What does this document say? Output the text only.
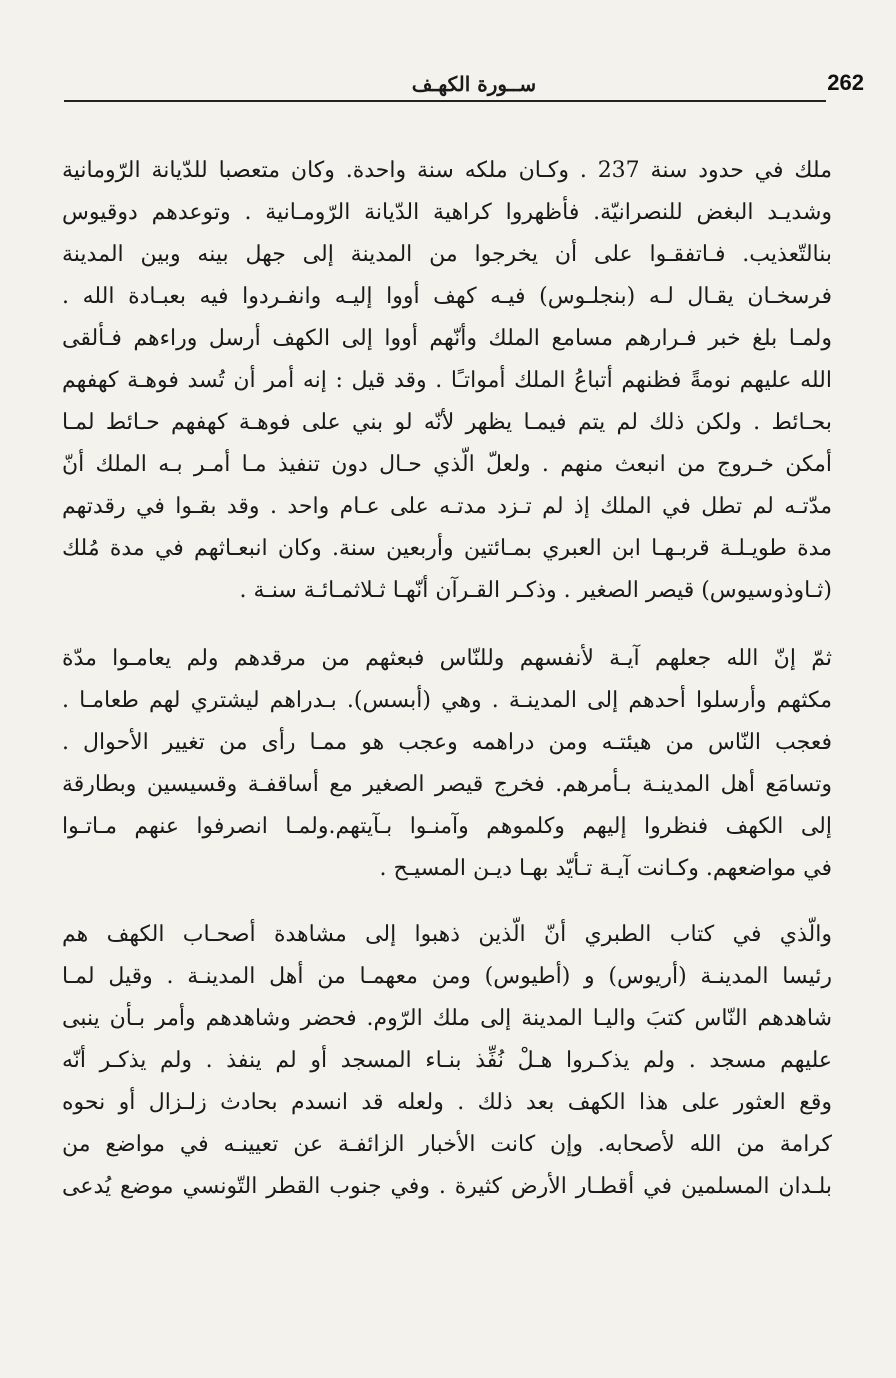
262
ســورة الكهـف
ملك في حدود سنة 237 . وكـان ملكه سنة واحدة. وكان متعصبا للدّيانة الرّومانية
وشديـد البغض للنصرانيّة. فأظهروا كراهية الدّيانة الرّومـانية . وتوعدهم دوقيوس
بنالتّعذيب. فـاتفقـوا على أن يخرجوا من المدينة إلى جهل بينه وبين المدينة
فرسخـان يقـال لـه (بنجلـوس) فيـه كهف أووا إليـه وانفـردوا فيه بعبـادة الله .
ولمـا بلغ خبر فـرارهم مسامع الملك وأنّهم أووا إلى الكهف أرسل وراءهم فـألقى
الله عليهم نومةً فظنهم أتباعُ الملك أمواتـًا . وقد قيل : إنه أمر أن تُسد فوهـة كهفهم
بحـائط . ولكن ذلك لم يتم فيمـا يظهر لأنّه لو بني على فوهـة كهفهم حـائط لمـا
أمكن خـروج من انبعث منهم . ولعلّ الّذي حـال دون تنفيذ مـا أمـر بـه الملك أنّ
مدّتـه لم تطل في الملك إذ لم تـزد مدتـه على عـام واحد . وقد بقـوا في رقدتهم
مدة طويـلـة قربـهـا ابن العبري بمـائتين وأربعين سنة. وكان انبعـاثهم في مدة مُلك
(ثـاوذوسيوس) قيصر الصغير . وذكـر القـرآن أنّهـا ثـلاثمـائـة سنـة .
ثمّ إنّ الله جعلهم آيـة لأنفسهم وللنّاس فبعثهم من مرقدهم ولم يعامـوا مدّة
مكثهم وأرسلوا أحدهم إلى المدينـة . وهي (أبسس). بـدراهم ليشتري لهم طعامـا .
فعجب النّاس من هيئتـه ومن دراهمه وعجب هو ممـا رأى من تغيير الأحوال .
وتسامَع أهل المدينـة بـأمرهم. فخرج قيصر الصغير مع أساقفـة وقسيسين وبطارقة
إلى الكهف فنظروا إليهم وكلموهم وآمنـوا بـآيتهم.ولمـا انصرفوا عنهم مـاتـوا
في مواضعهم. وكـانت آيـة تـأيّد بهـا ديـن المسيـح .
والّذي في كتاب الطبري أنّ الّذين ذهبوا إلى مشاهدة أصحـاب الكهف هم
رئيسا المدينـة (أريوس) و (أطيوس) ومن معهمـا من أهل المدينـة . وقيل لمـا
شاهدهم النّاس كتبَ واليـا المدينة إلى ملك الرّوم. فحضر وشاهدهم وأمر بـأن ينبى
عليهم مسجد . ولم يذكـروا هـلْ نُفِّذ بنـاء المسجد أو لم ينفذ . ولم يذكـر أنّه
وقع العثور على هذا الكهف بعد ذلك . ولعله قد انسدم بحادث زلـزال أو نحوه
كرامة من الله لأصحابه. وإن كانت الأخبار الزائفـة عن تعيينـه في مواضع من
بلـدان المسلمين في أقطـار الأرض كثيرة . وفي جنوب القطر التّونسي موضع يُدعى
